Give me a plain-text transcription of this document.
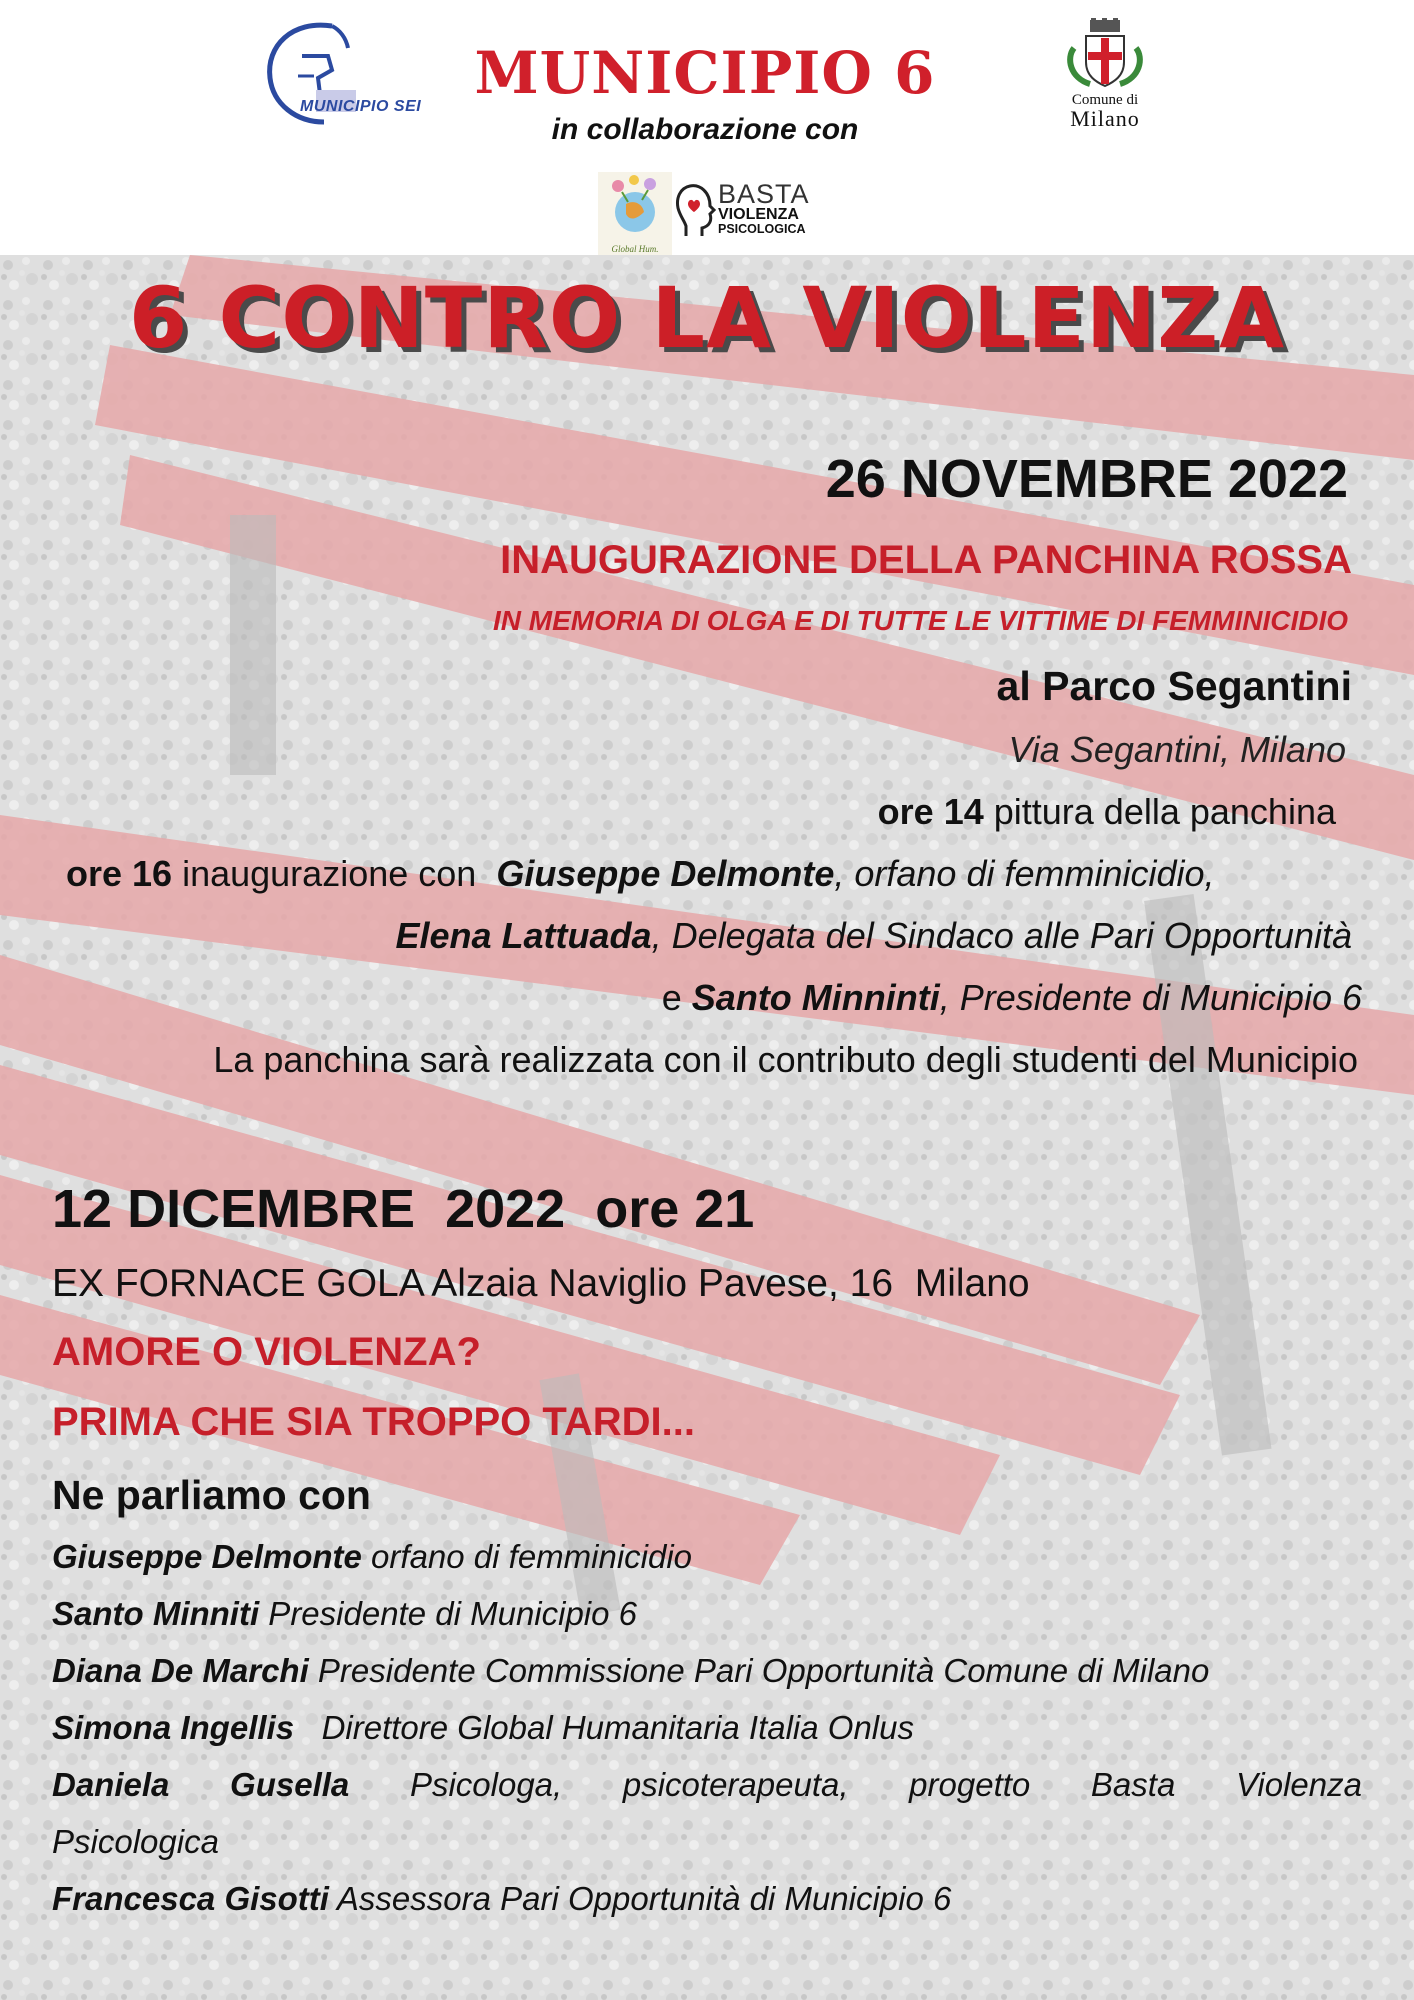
MUNICIPIO SEI MUNICIPIO 6
in collaborazione con
Comune di
Milano
Global Hum.
BASTA
VIOLENZA
PSICOLOGICA
6 CONTRO LA VIOLENZA
26 NOVEMBRE 2022
INAUGURAZIONE DELLA PANCHINA ROSSA
IN MEMORIA DI OLGA E DI TUTTE LE VITTIME DI FEMMINICIDIO
al Parco Segantini
Via Segantini, Milano
ore 14 pittura della panchina
ore 16 inaugurazione con  Giuseppe Delmonte, orfano di femminicidio,
Elena Lattuada, Delegata del Sindaco alle Pari Opportunità
e Santo Minninti, Presidente di Municipio 6
La panchina sarà realizzata con il contributo degli studenti del Municipio
12 DICEMBRE  2022  ore 21
EX FORNACE GOLA Alzaia Naviglio Pavese, 16  Milano
AMORE O VIOLENZA?
PRIMA CHE SIA TROPPO TARDI...
Ne parliamo con
Giuseppe Delmonte orfano di femminicidio
Santo Minniti Presidente di Municipio 6
Diana De Marchi Presidente Commissione Pari Opportunità Comune di Milano
Simona Ingellis   Direttore Global Humanitaria Italia Onlus
Daniela Gusella Psicologa, psicoterapeuta, progetto Basta Violenza
Psicologica
Francesca Gisotti Assessora Pari Opportunità di Municipio 6
